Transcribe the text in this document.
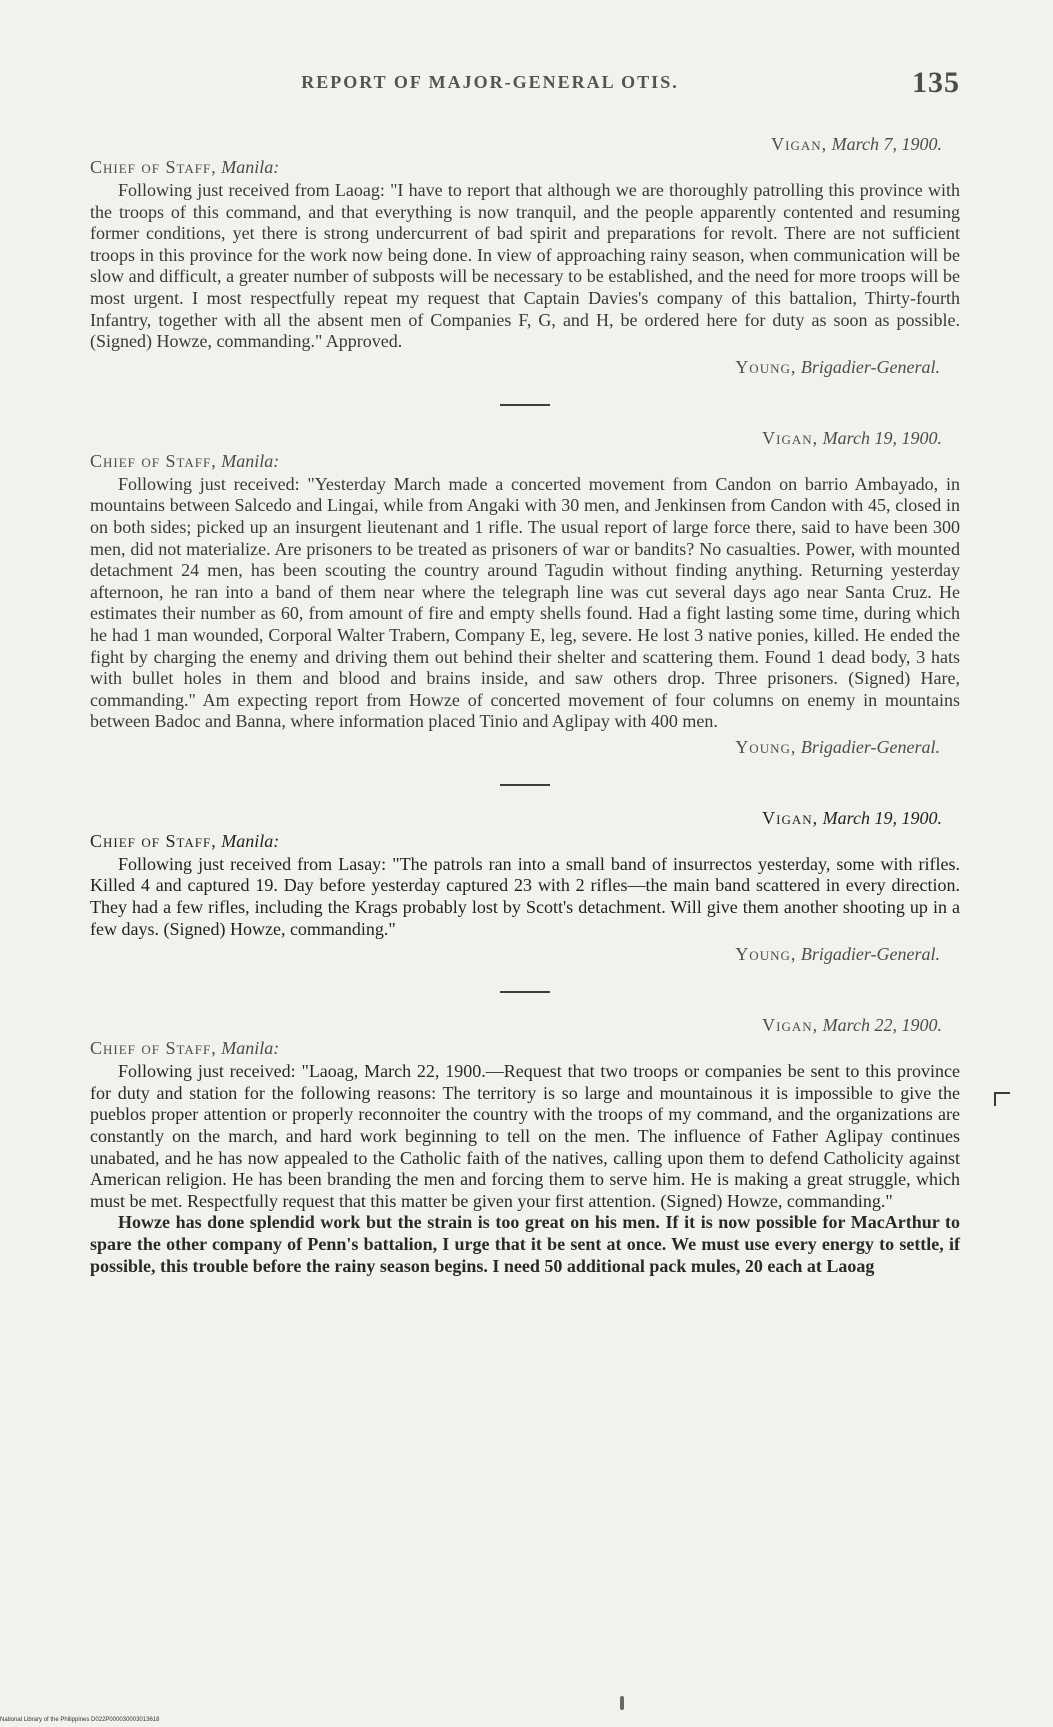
REPORT OF MAJOR-GENERAL OTIS.	135
Vigan, March 7, 1900.
Chief of Staff, Manila:

Following just received from Laoag: "I have to report that although we are thoroughly patrolling this province with the troops of this command, and that everything is now tranquil, and the people apparently contented and resuming former conditions, yet there is strong undercurrent of bad spirit and preparations for revolt. There are not sufficient troops in this province for the work now being done. In view of approaching rainy season, when communication will be slow and difficult, a greater number of subposts will be necessary to be established, and the need for more troops will be most urgent. I most respectfully repeat my request that Captain Davies's company of this battalion, Thirty-fourth Infantry, together with all the absent men of Companies F, G, and H, be ordered here for duty as soon as possible. (Signed) Howze, commanding." Approved.

Young, Brigadier-General.
Vigan, March 19, 1900.
Chief of Staff, Manila:

Following just received: "Yesterday March made a concerted movement from Candon on barrio Ambayado, in mountains between Salcedo and Lingai, while from Angaki with 30 men, and Jenkinsen from Candon with 45, closed in on both sides; picked up an insurgent lieutenant and 1 rifle. The usual report of large force there, said to have been 300 men, did not materialize. Are prisoners to be treated as prisoners of war or bandits? No casualties. Power, with mounted detachment 24 men, has been scouting the country around Tagudin without finding anything. Returning yesterday afternoon, he ran into a band of them near where the telegraph line was cut several days ago near Santa Cruz. He estimates their number as 60, from amount of fire and empty shells found. Had a fight lasting some time, during which he had 1 man wounded, Corporal Walter Trabern, Company E, leg, severe. He lost 3 native ponies, killed. He ended the fight by charging the enemy and driving them out behind their shelter and scattering them. Found 1 dead body, 3 hats with bullet holes in them and blood and brains inside, and saw others drop. Three prisoners. (Signed) Hare, commanding." Am expecting report from Howze of concerted movement of four columns on enemy in mountains between Badoc and Banna, where information placed Tinio and Aglipay with 400 men.

Young, Brigadier-General.
Vigan, March 19, 1900.
Chief of Staff, Manila:

Following just received from Lasay: "The patrols ran into a small band of insurrectos yesterday, some with rifles. Killed 4 and captured 19. Day before yesterday captured 23 with 2 rifles—the main band scattered in every direction. They had a few rifles, including the Krags probably lost by Scott's detachment. Will give them another shooting up in a few days. (Signed) Howze, commanding."

Young, Brigadier-General.
Vigan, March 22, 1900.
Chief of Staff, Manila:

Following just received: "Laoag, March 22, 1900.—Request that two troops or companies be sent to this province for duty and station for the following reasons: The territory is so large and mountainous it is impossible to give the pueblos proper attention or properly reconnoiter the country with the troops of my command, and the organizations are constantly on the march, and hard work beginning to tell on the men. The influence of Father Aglipay continues unabated, and he has now appealed to the Catholic faith of the natives, calling upon them to defend Catholicity against American religion. He has been branding the men and forcing them to serve him. He is making a great struggle, which must be met. Respectfully request that this matter be given your first attention. (Signed) Howze, commanding."

Howze has done splendid work but the strain is too great on his men. If it is now possible for MacArthur to spare the other company of Penn's battalion, I urge that it be sent at once. We must use every energy to settle, if possible, this trouble before the rainy season begins. I need 50 additional pack mules, 20 each at Laoag

National Library of the Philippines D022P000030003013618
